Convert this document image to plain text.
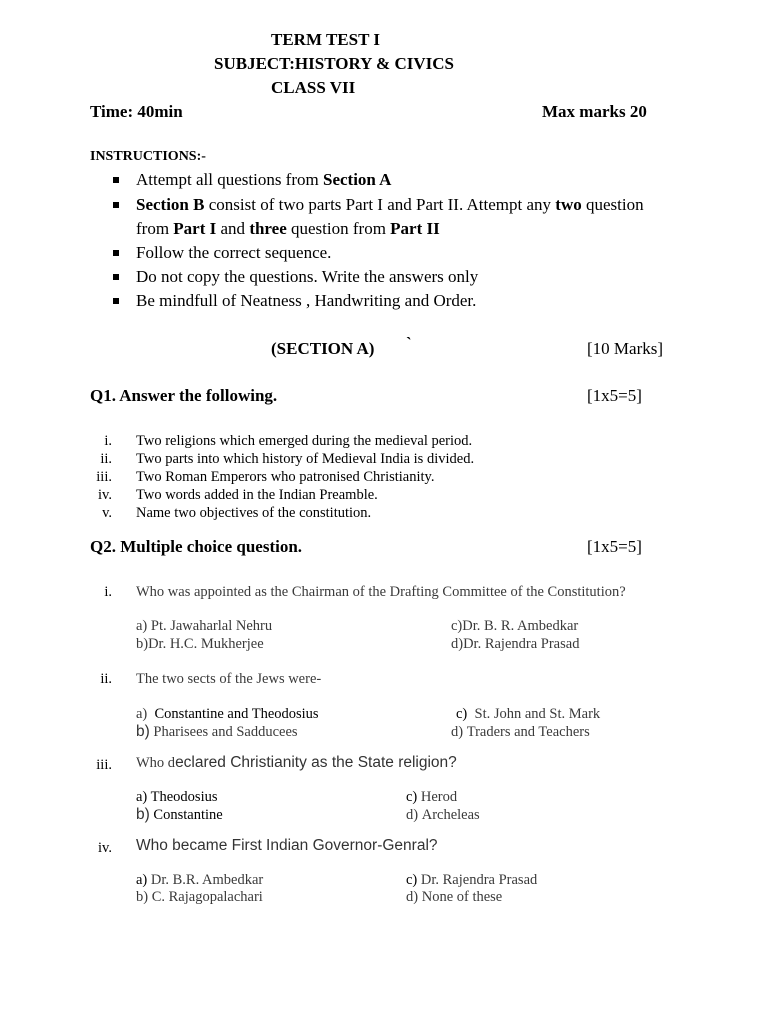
TERM TEST I
SUBJECT:HISTORY & CIVICS
CLASS VII
Time: 40min	Max marks 20
INSTRUCTIONS:-
Attempt all questions from Section A
Section B consist of two parts Part I and Part II. Attempt any two question
from Part I and three question from Part II
Follow the correct sequence.
Do not copy the questions. Write the answers only
Be mindfull of Neatness , Handwriting and Order.
(SECTION A) `	[10 Marks]
Q1. Answer the following.	[1x5=5]
i. Two religions which emerged during the medieval period.
ii. Two parts into which history of Medieval India is divided.
iii. Two Roman Emperors who patronised Christianity.
iv. Two words added in the Indian Preamble.
v. Name two objectives of the constitution.
Q2. Multiple choice question.	[1x5=5]
i. Who was appointed as the Chairman of the Drafting Committee of the Constitution?
a) Pt. Jawaharlal Nehru
b)Dr. H.C. Mukherjee
c)Dr. B. R. Ambedkar
d)Dr. Rajendra Prasad
ii. The two sects of the Jews were-
a) Constantine and Theodosius
b) Pharisees and Sadducees
c) St. John and St. Mark
d) Traders and Teachers
iii. Who declared Christianity as the State religion?
a) Theodosius
b) Constantine
c) Herod
d) Archeleas
iv. Who became First Indian Governor-Genral?
a) Dr. B.R. Ambedkar
b) C. Rajagopalachari
c) Dr. Rajendra Prasad
d) None of these
